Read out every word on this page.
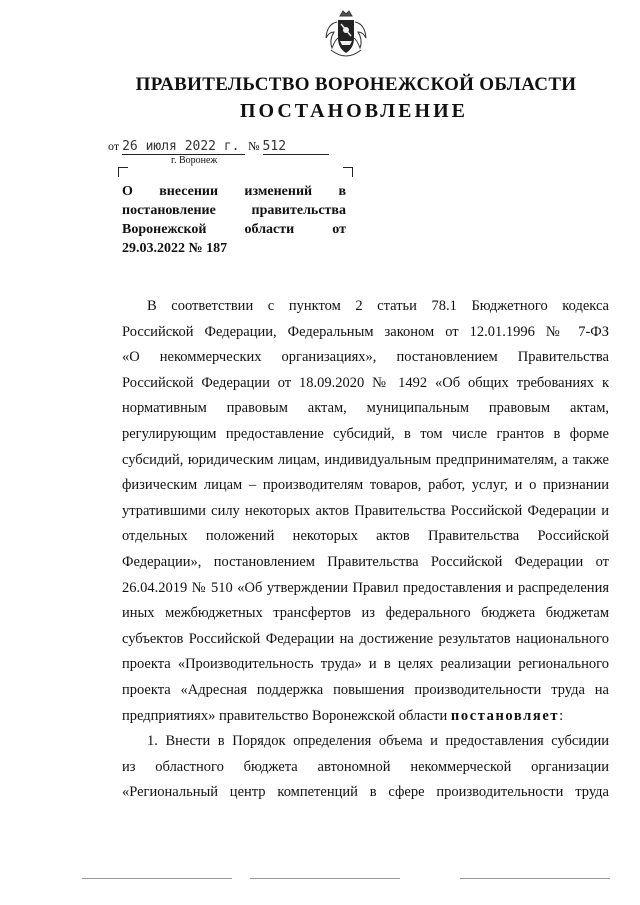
ПРАВИТЕЛЬСТВО ВОРОНЕЖСКОЙ ОБЛАСТИ
ПОСТАНОВЛЕНИЕ
от 26 июля 2022 г. № 512
г. Воронеж
О внесении изменений в
постановление правительства
Воронежской области от
29.03.2022 № 187
В соответствии с пунктом 2 статьи 78.1 Бюджетного кодекса
Российской Федерации, Федеральным законом от 12.01.1996 № 7-ФЗ
«О некоммерческих организациях», постановлением Правительства
Российской Федерации от 18.09.2020 № 1492 «Об общих требованиях к
нормативным правовым актам, муниципальным правовым актам,
регулирующим предоставление субсидий, в том числе грантов в форме
субсидий, юридическим лицам, индивидуальным предпринимателям, а также
физическим лицам – производителям товаров, работ, услуг, и о признании
утратившими силу некоторых актов Правительства Российской Федерации и
отдельных положений некоторых актов Правительства Российской
Федерации», постановлением Правительства Российской Федерации от
26.04.2019 № 510 «Об утверждении Правил предоставления и распределения
иных межбюджетных трансфертов из федерального бюджета бюджетам
субъектов Российской Федерации на достижение результатов национального
проекта «Производительность труда» и в целях реализации регионального
проекта «Адресная поддержка повышения производительности труда на
предприятиях» правительство Воронежской области постановляет:
1. Внести в Порядок определения объема и предоставления субсидии
из областного бюджета автономной некоммерческой организации
«Региональный центр компетенций в сфере производительности труда
